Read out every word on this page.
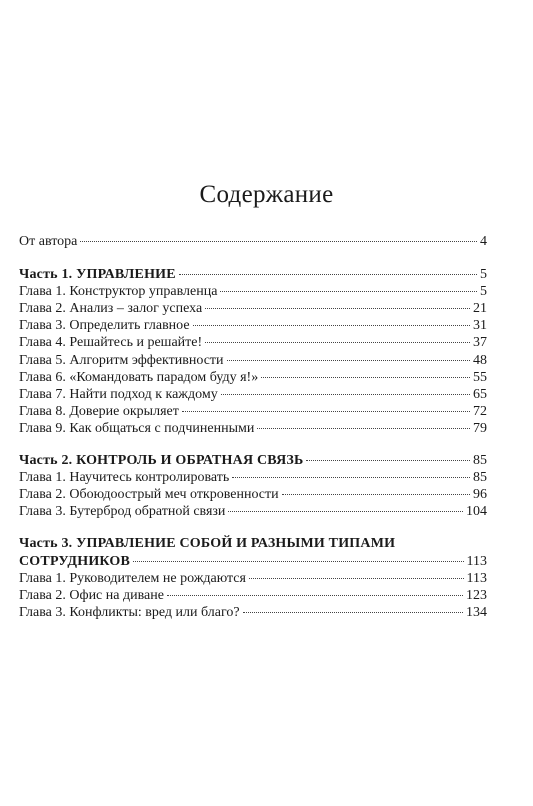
Содержание
От автора	4
Часть 1. УПРАВЛЕНИЕ	5
Глава 1. Конструктор управленца	5
Глава 2. Анализ – залог успеха	21
Глава 3. Определить главное	31
Глава 4. Решайтесь и решайте!	37
Глава 5. Алгоритм эффективности	48
Глава 6. «Командовать парадом буду я!»	55
Глава 7. Найти подход к каждому	65
Глава 8. Доверие окрыляет	72
Глава 9. Как общаться с подчиненными	79
Часть 2. КОНТРОЛЬ И ОБРАТНАЯ СВЯЗЬ	85
Глава 1. Научитесь контролировать	85
Глава 2. Обоюдоострый меч откровенности	96
Глава 3. Бутерброд обратной связи	104
Часть 3. УПРАВЛЕНИЕ СОБОЙ И РАЗНЫМИ ТИПАМИ
СОТРУДНИКОВ	113
Глава 1. Руководителем не рождаются	113
Глава 2. Офис на диване	123
Глава 3. Конфликты: вред или благо?	134
